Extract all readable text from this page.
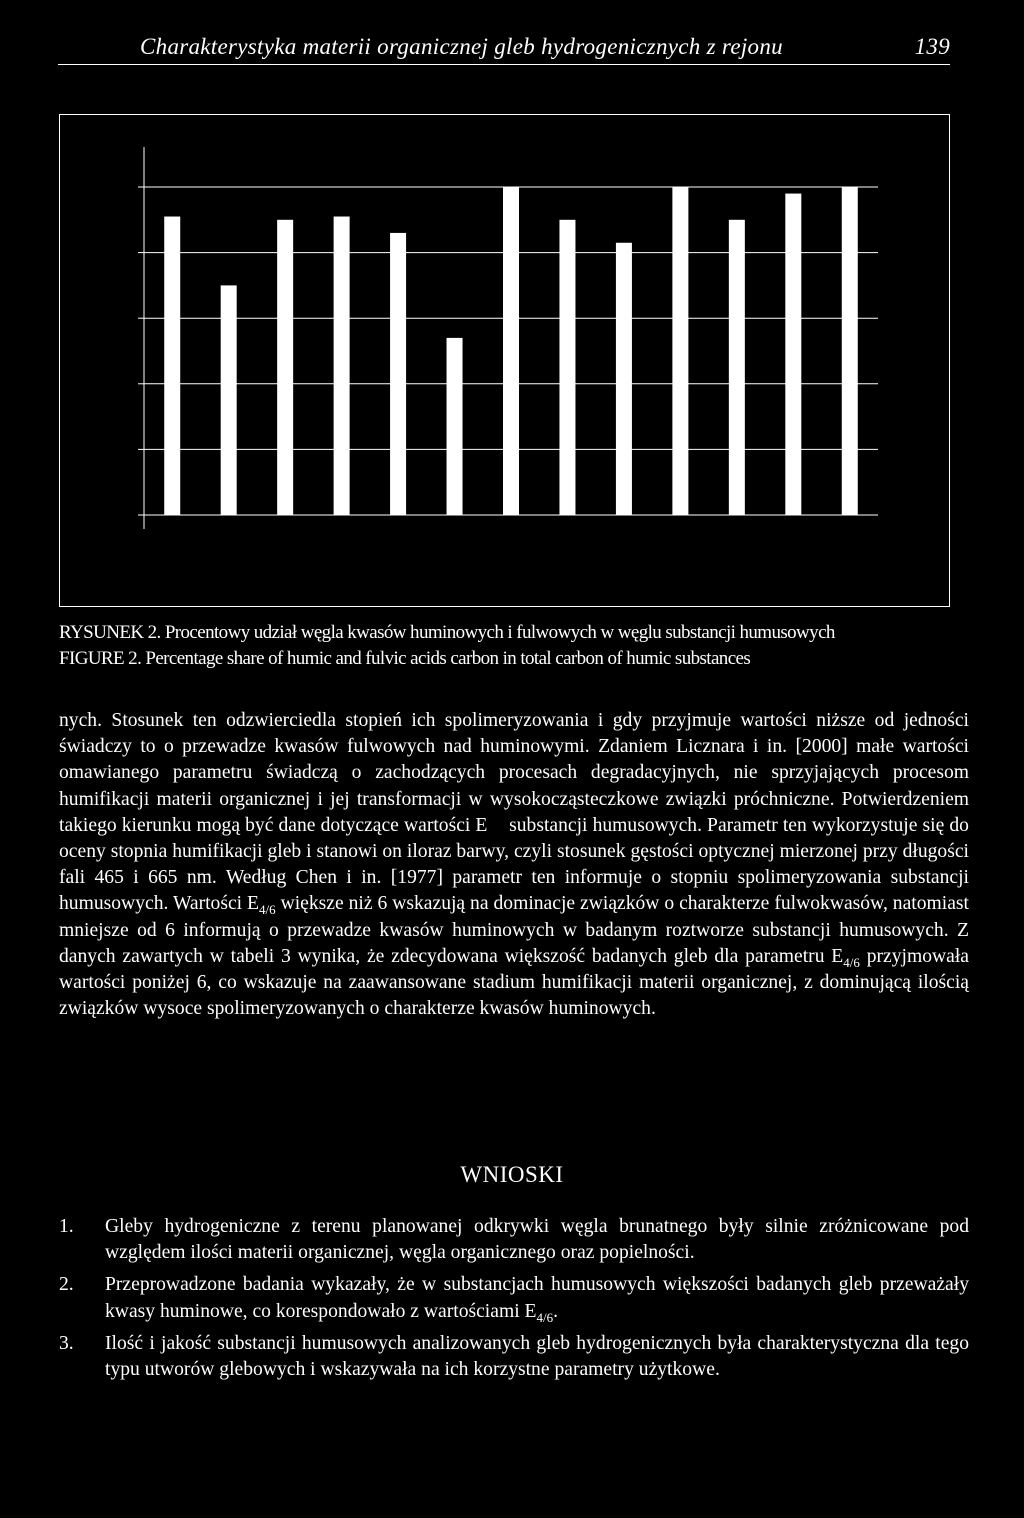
Charakterystyka materii organicznej gleb hydrogenicznych z rejonu	139
RYSUNEK 2. Procentowy udział węgla kwasów huminowych i fulwowych w węglu substancji humusowych
FIGURE 2. Percentage share of humic and fulvic acids carbon in total carbon of humic substances

nych. Stosunek ten odzwierciedla stopień ich spolimeryzowania i gdy przyjmuje wartości niższe od jedności świadczy to o przewadze kwasów fulwowych nad huminowymi. Zdaniem Licznara i in. [2000] małe wartości omawianego parametru świadczą o zachodzących procesach degradacyjnych, nie sprzyjających procesom humifikacji materii organicznej i jej transformacji w wysokocząsteczkowe związki próchniczne. Potwierdzeniem takiego kierunku mogą być dane dotyczące wartości E substancji humusowych. Parametr ten wykorzystuje się do oceny stopnia humifikacji gleb i stanowi on iloraz barwy, czyli stosunek gęstości optycznej mierzonej przy długości fali 465 i 665 nm. Według Chen i in. [1977] parametr ten informuje o stopniu spolimeryzowania substancji humusowych. Wartości $E_{4/6}$ większe niż 6 wskazują na dominacje związków o charakterze fulwokwasów, natomiast mniejsze od 6 informują o przewadze kwasów huminowych w badanym roztworze substancji humusowych. Z danych zawartych w tabeli 3 wynika, że zdecydowana większość badanych gleb dla parametru $E_{4/6}$ przyjmowała wartości poniżej 6, co wskazuje na zaawansowane stadium humifikacji materii organicznej, z dominującą ilością związków wysoce spolimeryzowanych o charakterze kwasów huminowych.

WNIOSKI
1. Gleby hydrogeniczne z terenu planowanej odkrywki węgla brunatnego były silnie zróżnicowane pod względem ilości materii organicznej, węgla organicznego oraz popielności.
2. Przeprowadzone badania wykazały, że w substancjach humusowych większości badanych gleb przeważały kwasy huminowe, co korespondowało z wartościami $E_{4/6}$.
3. Ilość i jakość substancji humusowych analizowanych gleb hydrogenicznych była charakterystyczna dla tego typu utworów glebowych i wskazywała na ich korzystne parametry użytkowe.
